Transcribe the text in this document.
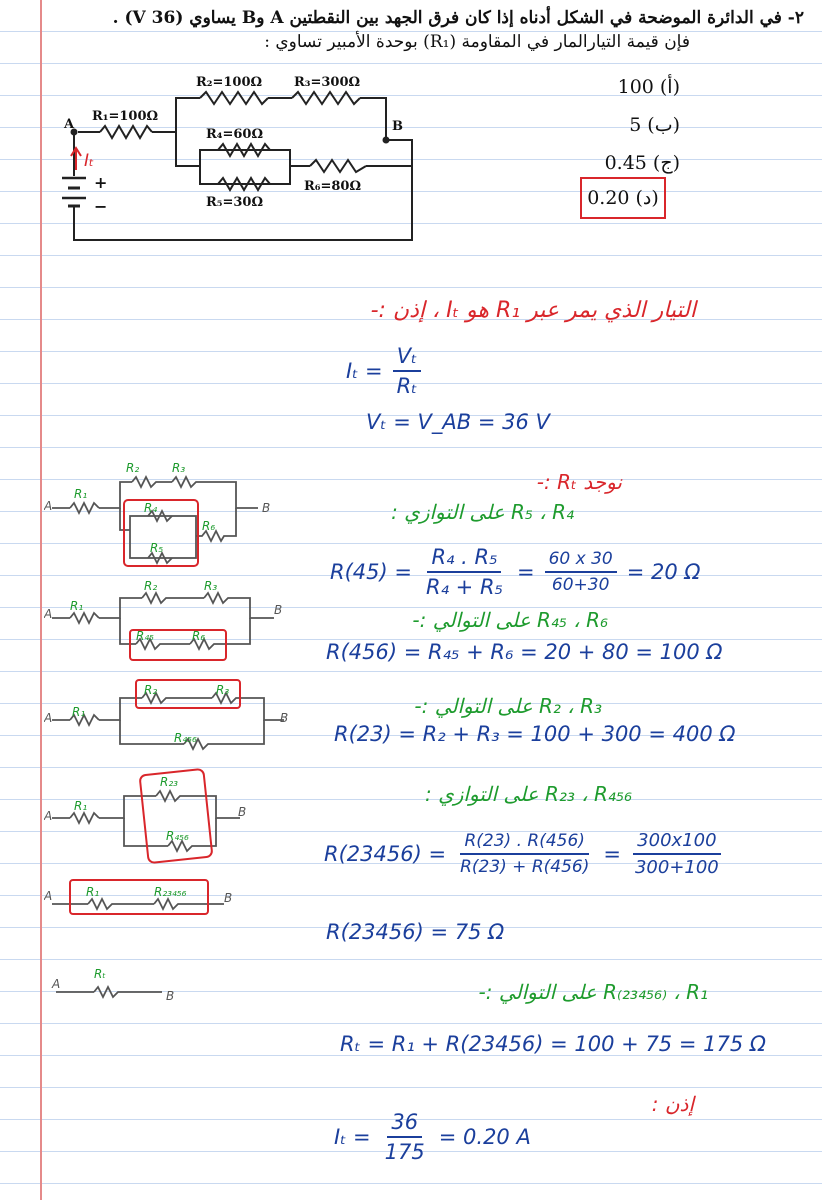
٢- في الدائرة الموضحة في الشكل أدناه إذا كان فرق الجهد بين النقطتين A وB يساوي (36 V) .
فإن قيمة التيارالمار في المقاومة (R₁) بوحدة الأمبير تساوي :
A	B
R₁=100Ω
R₂=100Ω R₃=300Ω
R₄=60Ω
R₅=30Ω
R₆=80Ω
+
−
Iₜ
100 (أ)
5 (ب)
0.45 (ج)
0.20 (د)
التيار الذي يمر عبر R₁ هو Iₜ ، إذن :-
$I_t = \frac{\text{Vₜ}}{\text{Rₜ}}$
Vₜ = V_AB = 36 V
نوجد Rₜ :-
R₅ ، R₄ على التوازي :
$R(45) = \frac{\text{R₄ . R₅}}{\text{R₄ + R₅}} = \frac{60 x 30}{60+30} = 20$ Ω
R₄₅ ، R₆ على التوالي :-
R(456) = R₄₅ + R₆ = 20 + 80 = 100 Ω
R₂ ، R₃ على التوالي :-
R(23) = R₂ + R₃ = 100 + 300 = 400 Ω
R₂₃ ، R₄₅₆ على التوازي :
$R(23456) = \frac{R(23) . R(456)}{R(23) + R(456)} = \frac{300x100}{300+100}$
R(23456) = 75 Ω
R₍₂₃₄₅₆₎ ، R₁ على التوالي :-
Rₜ = R₁ + R(23456) = 100 + 75 = 175 Ω
إذن :
$I_t = \frac{36}{175} = 0.20$ A
A	B
R₁
R₂	R₃
R₄
R₅
R₆
A	B
R₁
R₂	R₃
R₄₅	R₆
A	B
R₁
R₂	R₃
R₄₅₆
A	B
R₁
R₂₃
R₄₅₆
A	B
R₁	R₂₃₄₅₆
A
B
Rₜ
